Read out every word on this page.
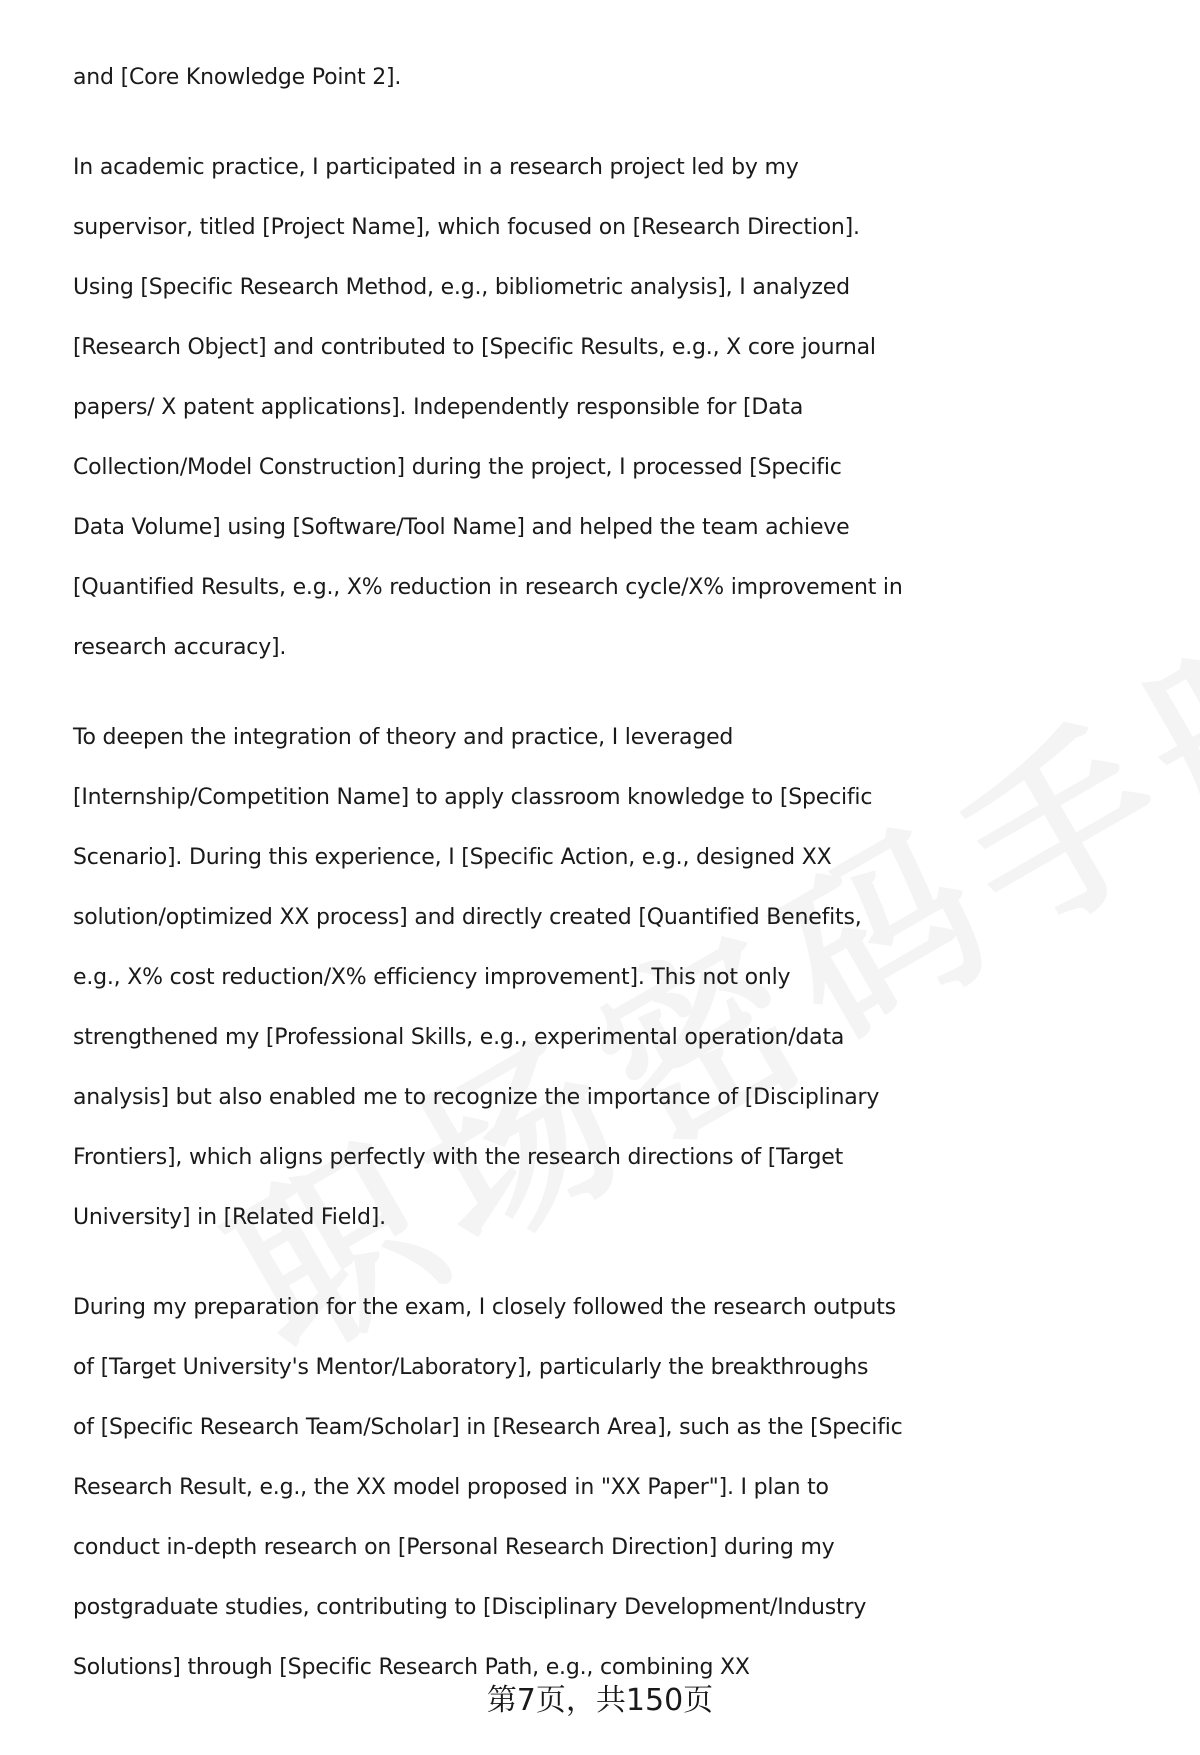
and [Core Knowledge Point 2].

In academic practice, I participated in a research project led by my
supervisor, titled [Project Name], which focused on [Research Direction].
Using [Specific Research Method, e.g., bibliometric analysis], I analyzed
[Research Object] and contributed to [Specific Results, e.g., X core journal
papers/ X patent applications]. Independently responsible for [Data
Collection/Model Construction] during the project, I processed [Specific
Data Volume] using [Software/Tool Name] and helped the team achieve
[Quantified Results, e.g., X% reduction in research cycle/X% improvement in
research accuracy].

To deepen the integration of theory and practice, I leveraged
[Internship/Competition Name] to apply classroom knowledge to [Specific
Scenario]. During this experience, I [Specific Action, e.g., designed XX
solution/optimized XX process] and directly created [Quantified Benefits,
e.g., X% cost reduction/X% efficiency improvement]. This not only
strengthened my [Professional Skills, e.g., experimental operation/data
analysis] but also enabled me to recognize the importance of [Disciplinary
Frontiers], which aligns perfectly with the research directions of [Target
University] in [Related Field].

During my preparation for the exam, I closely followed the research outputs
of [Target University's Mentor/Laboratory], particularly the breakthroughs
of [Specific Research Team/Scholar] in [Research Area], such as the [Specific
Research Result, e.g., the XX model proposed in "XX Paper"]. I plan to
conduct in-depth research on [Personal Research Direction] during my
postgraduate studies, contributing to [Disciplinary Development/Industry
Solutions] through [Specific Research Path, e.g., combining XX

第7页，共150页
